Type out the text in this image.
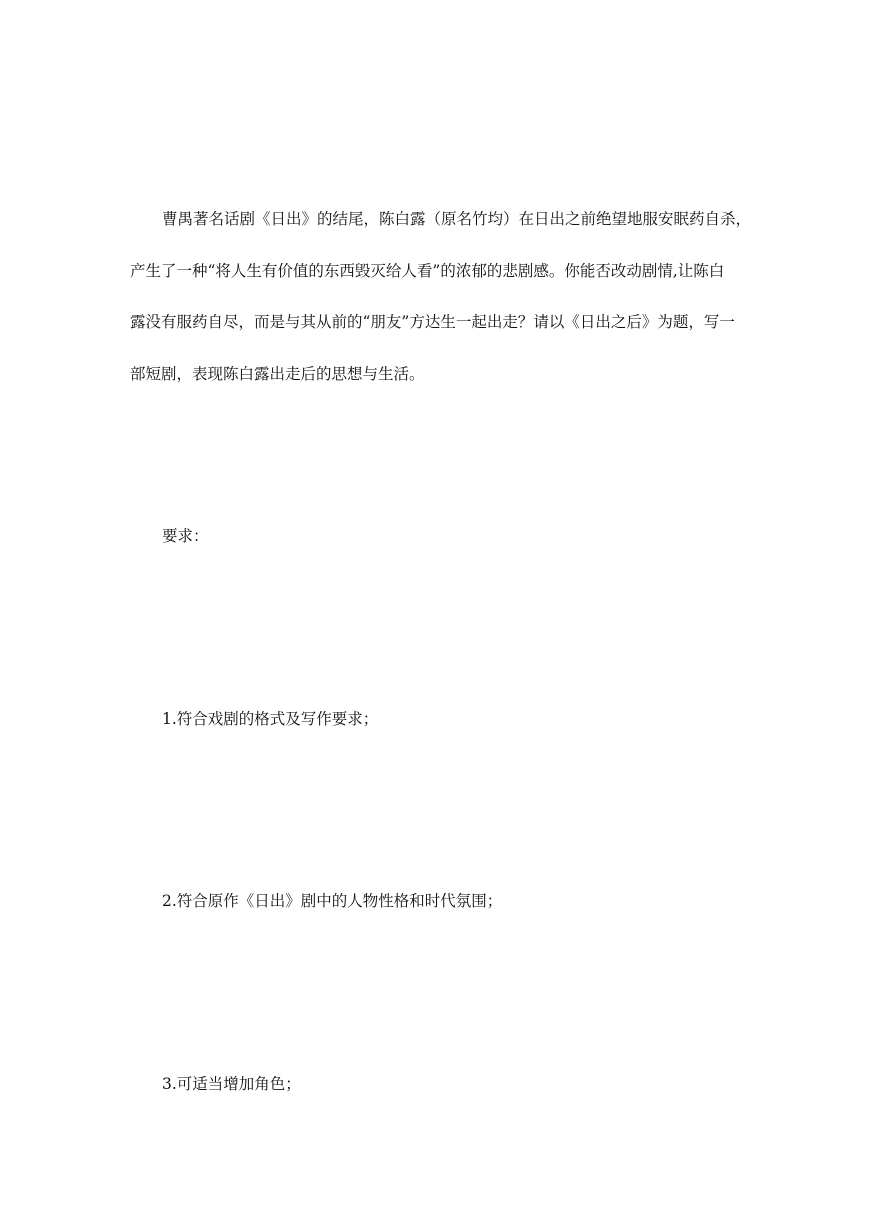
曹禺著名话剧《日出》的结尾，陈白露（原名竹均）在日出之前绝望地服安眠药自杀，
产生了一种“将人生有价值的东西毁灭给人看”的浓郁的悲剧感。你能否改动剧情,让陈白
露没有服药自尽，而是与其从前的“朋友”方达生一起出走？请以《日出之后》为题，写一
部短剧，表现陈白露出走后的思想与生活。
要求：
1.符合戏剧的格式及写作要求；
2.符合原作《日出》剧中的人物性格和时代氛围；
3.可适当增加角色；
